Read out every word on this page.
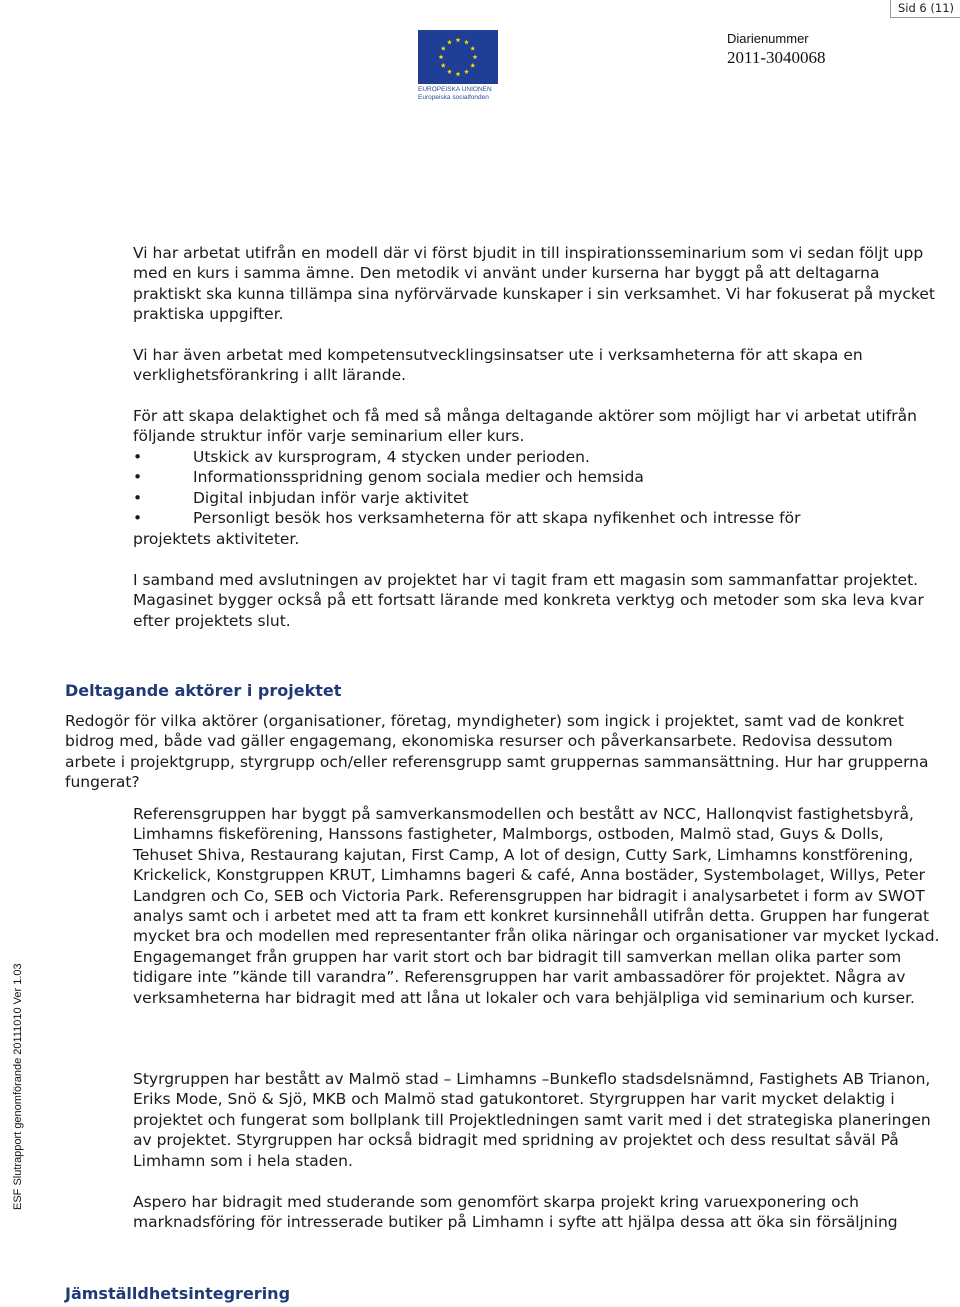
Sid 6 (11)
EUROPEISKA UNIONEN
Europeiska socialfonden
Diarienummer
2011-3040068
ESF Slutrapport genomförande 20111010 Ver 1.03

Vi har arbetat utifrån en modell där vi först bjudit in till inspirationsseminarium som vi sedan följt upp med en kurs i samma ämne. Den metodik vi använt under kurserna har byggt på att deltagarna praktiskt ska kunna tillämpa sina nyförvärvade kunskaper i sin verksamhet. Vi har fokuserat på mycket praktiska uppgifter.

Vi har även arbetat med kompetensutvecklingsinsatser ute i verksamheterna för att skapa en verklighetsförankring i allt lärande.

För att skapa delaktighet och få med så många deltagande aktörer som möjligt har vi arbetat utifrån följande struktur inför varje seminarium eller kurs.

•	Utskick av kursprogram, 4 stycken under perioden.
•	Informationsspridning genom sociala medier och hemsida
•	Digital inbjudan inför varje aktivitet
•	Personligt besök hos verksamheterna för att skapa nyfikenhet och intresse för
projektets aktiviteter.

I samband med avslutningen av projektet har vi tagit fram ett magasin som sammanfattar projektet. Magasinet bygger också på ett fortsatt lärande med konkreta verktyg och metoder som ska leva kvar efter projektets slut.

Deltagande aktörer i projektet

Redogör för vilka aktörer (organisationer, företag, myndigheter) som ingick i projektet, samt vad de konkret bidrog med, både vad gäller engagemang, ekonomiska resurser och påverkansarbete. Redovisa dessutom arbete i projektgrupp, styrgrupp och/eller referensgrupp samt gruppernas sammansättning. Hur har grupperna fungerat?

Referensgruppen har byggt på samverkansmodellen och bestått av NCC, Hallonqvist fastighetsbyrå, Limhamns fiskeförening, Hanssons fastigheter, Malmborgs, ostboden, Malmö stad, Guys & Dolls, Tehuset Shiva, Restaurang kajutan, First Camp, A lot of design, Cutty Sark, Limhamns konstförening, Krickelick, Konstgruppen KRUT, Limhamns bageri & café, Anna bostäder, Systembolaget, Willys, Peter Landgren och Co, SEB och Victoria Park. Referensgruppen har bidragit i analysarbetet i form av SWOT analys samt och i arbetet med att ta fram ett konkret kursinnehåll utifrån detta. Gruppen har fungerat mycket bra och modellen med representanter från olika näringar och organisationer var mycket lyckad. Engagemanget från gruppen har varit stort och bar bidragit till samverkan mellan olika parter som tidigare inte ”kände till varandra”. Referensgruppen har varit ambassadörer för projektet. Några av verksamheterna har bidragit med att låna ut lokaler och vara behjälpliga vid seminarium och kurser.

Styrgruppen har bestått av Malmö stad – Limhamns –Bunkeflo stadsdelsnämnd, Fastighets AB Trianon, Eriks Mode, Snö & Sjö, MKB och Malmö stad gatukontoret. Styrgruppen har varit mycket delaktig i projektet och fungerat som bollplank till Projektledningen samt varit med i det strategiska planeringen av projektet. Styrgruppen har också bidragit med spridning av projektet och dess resultat såväl På Limhamn som i hela staden.

Aspero har bidragit med studerande som genomfört skarpa projekt kring varuexponering och marknadsföring för intresserade butiker på Limhamn i syfte att hjälpa dessa att öka sin försäljning

Jämställdhetsintegrering
